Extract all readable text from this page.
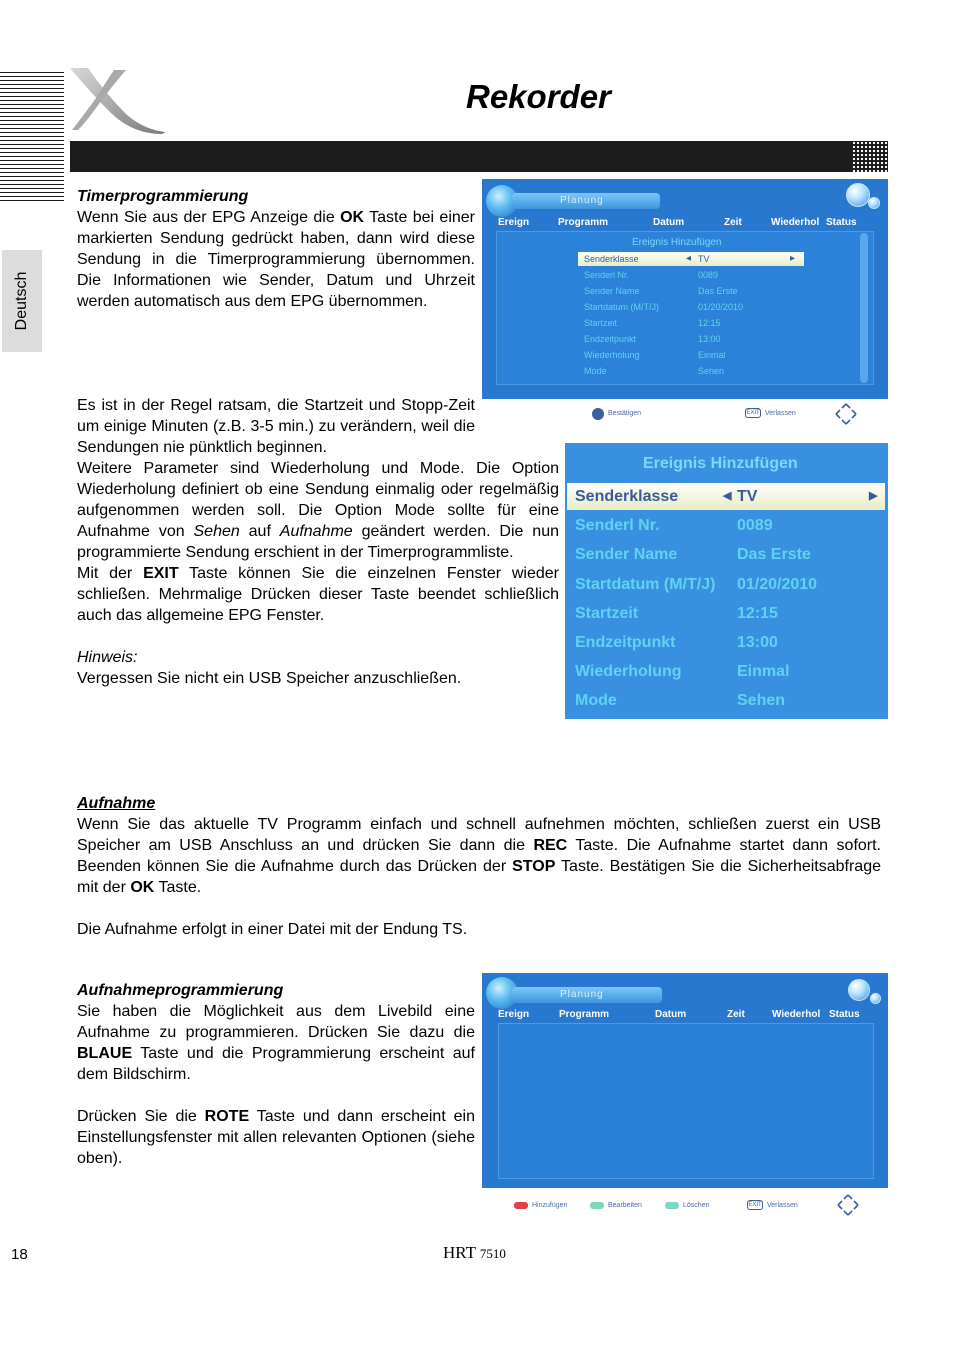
Rekorder
Deutsch

Timerprogrammierung

Wenn Sie aus der EPG Anzeige die OK Taste bei einer markierten Sendung gedrückt haben, dann wird diese Sendung in die Timerprogrammierung übernommen. Die Informationen wie Sender, Datum und Uhrzeit werden automatisch aus dem EPG übernommen.

Es ist in der Regel ratsam, die Startzeit und Stopp-Zeit um einige Minuten (z.B. 3-5 min.) zu verändern, weil die Sendungen nie pünktlich beginnen.

Weitere Parameter sind Wiederholung und Mode. Die Option Wiederholung definiert ob eine Sendung einmalig oder regelmäßig aufgenommen werden soll. Die Option Mode sollte für eine Aufnahme von Sehen auf Aufnahme geändert werden. Die nun programmierte Sendung erschient in der Timerprogrammliste.

Mit der EXIT Taste können Sie die einzelnen Fenster wieder schließen. Mehrmalige Drücken dieser Taste beendet schließlich auch das allgemeine EPG Fenster.

Hinweis:

Vergessen Sie nicht ein USB Speicher anzuschließen.

Aufnahme

Wenn Sie das aktuelle TV Programm einfach und schnell aufnehmen möchten, schließen zuerst ein USB Speicher am USB Anschluss an und drücken Sie dann die REC Taste. Die Aufnahme startet dann sofort. Beenden können Sie die Aufnahme durch das Drücken der STOP Taste. Bestätigen Sie die Sicherheitsabfrage mit der OK Taste.

Die Aufnahme erfolgt in einer Datei mit der Endung TS.

Aufnahmeprogrammierung

Sie haben die Möglichkeit aus dem Livebild eine Aufnahme zu programmieren. Drücken Sie dazu die BLAUE Taste und die Programmierung erscheint auf dem Bildschirm.

Drücken Sie die ROTE Taste und dann erscheint ein Einstellungsfenster mit allen relevanten Optionen (siehe oben).

Planung
Ereign	Programm	Datum	Zeit	Wiederhol Status
Ereignis Hinzufügen
Senderklasse	TV
◀	▶
Senderl Nr.	0089
Sender Name	Das Erste
Startdatum (M/T/J)	01/20/2010
Startzeit	12:15
Endzeitpunkt	13:00
Wiederholung	Einmal
Mode	Sehen
Bestätigen	EXIT Verlassen
Ereignis Hinzufügen
Senderklasse	TV
◀	▶
Senderl Nr.	0089
Sender Name	Das Erste
Startdatum (M/T/J) 01/20/2010
Startzeit	12:15
Endzeitpunkt	13:00
Wiederholung	Einmal
Mode	Sehen
Planung
Ereign	Programm	Datum	Zeit	Wiederhol Status
Hinzufügen	Bearbeiten	Löschen	EXIT Verlassen
18	HRT 7510
